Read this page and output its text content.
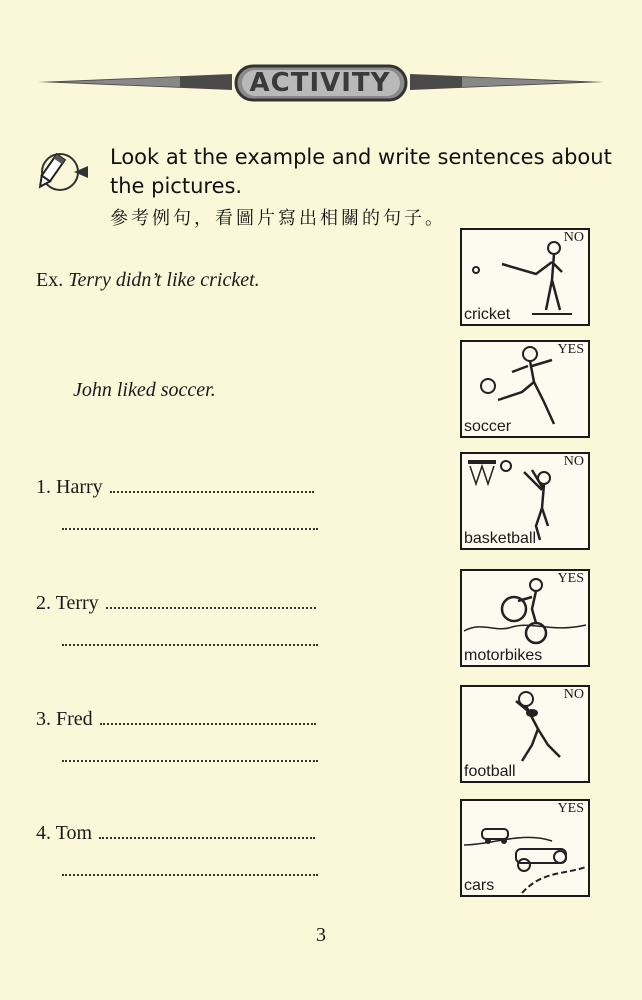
ACTIVITY
Look at the example and write sentences about the pictures.
參考例句，看圖片寫出相關的句子。
Ex. Terry didn’t like cricket.
John liked soccer.
1. Harry
2. Terry
3. Fred
4. Tom
NO
cricket
YES
soccer
NO
basketball
YES
motorbikes
NO
football
YES
cars
3
